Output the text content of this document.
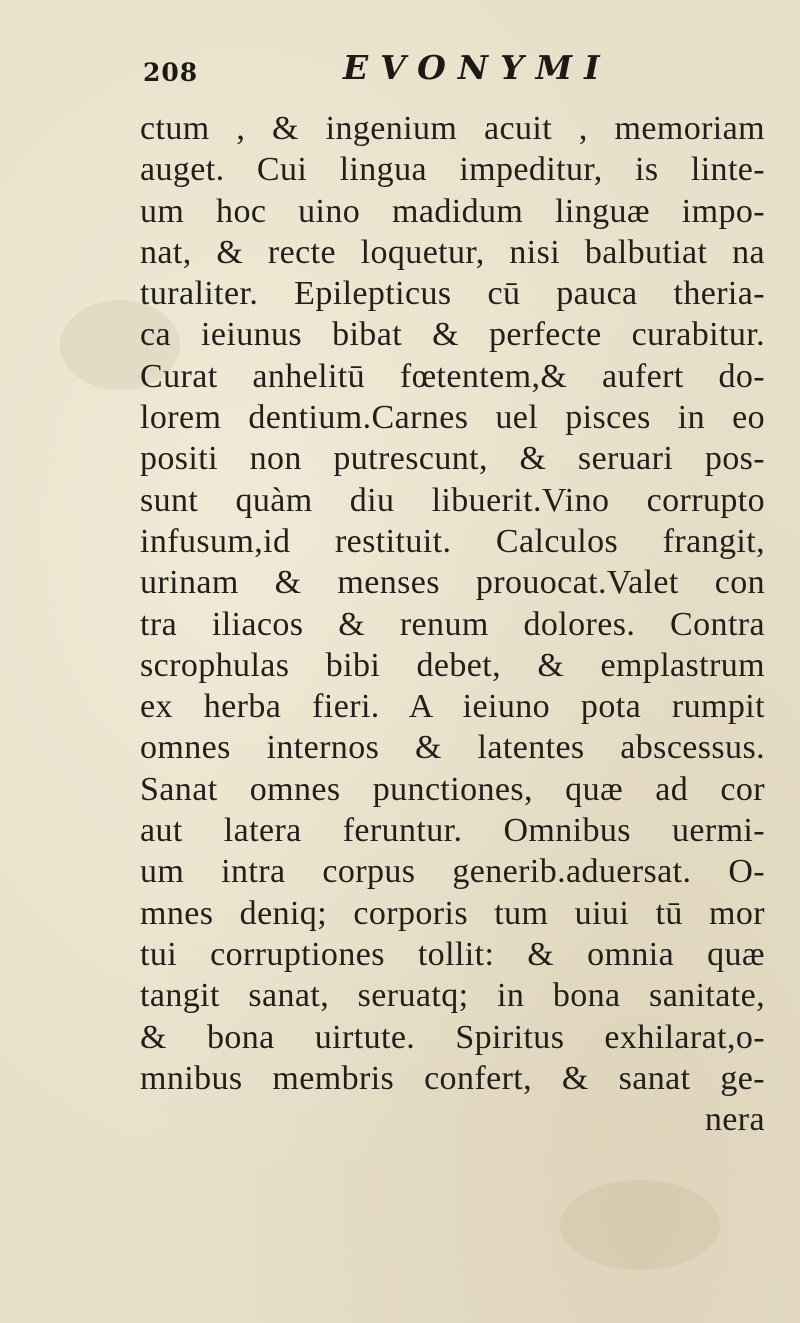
208	EVONYMI
ctum , & ingenium acuit , memoriam
auget. Cui lingua impeditur, is linte-
um hoc uino madidum linguæ impo-
nat, & recte loquetur, nisi balbutiat na
turaliter. Epilepticus cū pauca theria-
ca ieiunus bibat & perfecte curabitur.
Curat anhelitū fœtentem,& aufert do-
lorem dentium.Carnes uel pisces in eo
positi non putrescunt, & seruari pos-
sunt quàm diu libuerit.Vino corrupto
infusum,id restituit. Calculos frangit,
urinam & menses prouocat.Valet con
tra iliacos & renum dolores. Contra
scrophulas bibi debet, & emplastrum
ex herba fieri. A ieiuno pota rumpit
omnes internos & latentes abscessus.
Sanat omnes punctiones, quæ ad cor
aut latera feruntur. Omnibus uermi-
um intra corpus generib.aduersat. O-
mnes deniq; corporis tum uiui tū mor
tui corruptiones tollit: & omnia quæ
tangit sanat, seruatq; in bona sanitate,
& bona uirtute. Spiritus exhilarat,o-
mnibus membris confert, & sanat ge-
nera
